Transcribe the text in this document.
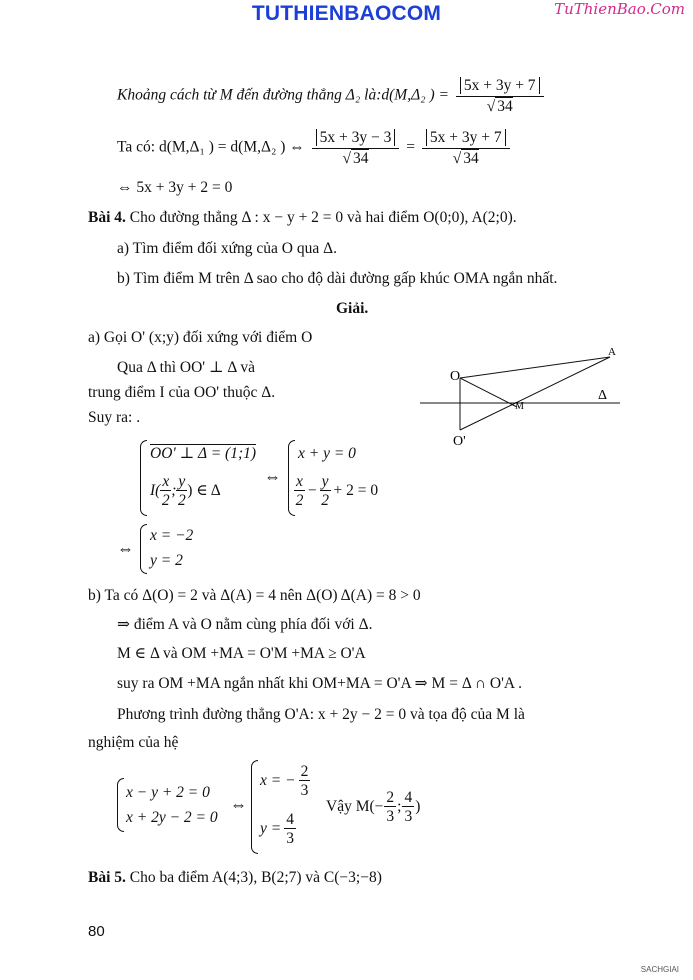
TUTHIENBAOCOM	TuThienBao.Com
Khoảng cách từ M đến đường thẳng Δ₂ là:d(M,Δ₂ ) = $\frac{5x + 3y + 7}{√ 34}$
Ta có: d(M,Δ₁ ) = d(M,Δ₂ ) ⇔ $\frac{5x + 3y - 3}{√ 34} = \frac{5x + 3y + 7}{√ 34}$
⇔ 5x + 3y + 2 = 0
Bài 4. Cho đường thẳng Δ : x − y + 2 = 0 và hai điểm O(0;0), A(2;0).
a) Tìm điểm đối xứng của O qua Δ.
b) Tìm điểm M trên Δ sao cho độ dài đường gấp khúc OMA ngắn nhất.
Giải.
a) Gọi O' (x;y) đối xứng với điểm O
Qua Δ thì OO' ⊥ Δ và
trung điểm I của OO' thuộc Δ.
Suy ra: .
A
O
O'
M
Δ
OO' ⊥ Δ = (1;1)
$I( \frac{x}{2}$ ; $\frac{y}{2}$ ) ∈ Δ
⇔
x + y = 0
$\frac{x}{2} - \frac{y}{2} + 2 = 0$
⇔
x = −2
y = 2
b) Ta có Δ(O) = 2 và Δ(A) = 4 nên Δ(O) Δ(A) = 8 > 0
⇒ điểm A và O nằm cùng phía đối với Δ.
M ∈ Δ và OM +MA = O'M +MA ≥ O'A
suy ra OM +MA ngắn nhất khi OM+MA = O'A ⇒ M = Δ ∩ O'A .
Phương trình đường thẳng O'A: x + 2y − 2 = 0 và tọa độ của M là
nghiệm của hệ
x − y + 2 = 0
x + 2y − 2 = 0
⇔
x = − $\frac{2}{3}$
$y = \frac{4}{3}$
Vậy $M(- \frac{2}{3}$ ; $\frac{4}{3}$ )
Bài 5. Cho ba điểm A(4;3), B(2;7) và C(−3;−8)
80
SACHGIAI
